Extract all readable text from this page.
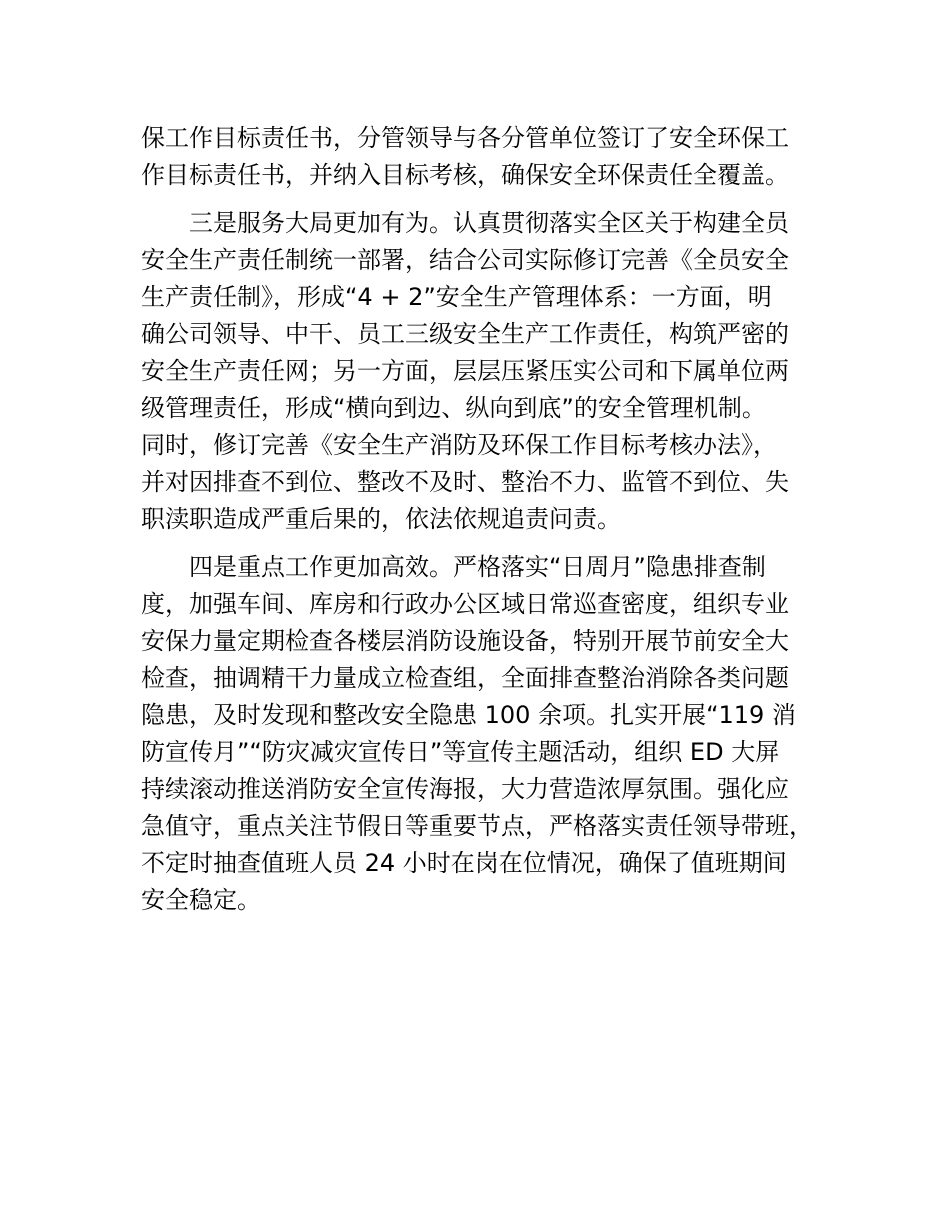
保工作目标责任书，分管领导与各分管单位签订了安全环保工
作目标责任书，并纳入目标考核，确保安全环保责任全覆盖。
三是服务大局更加有为。认真贯彻落实全区关于构建全员
安全生产责任制统一部署，结合公司实际修订完善《全员安全
生产责任制》，形成“4 + 2”安全生产管理体系：一方面，明
确公司领导、中干、员工三级安全生产工作责任，构筑严密的
安全生产责任网；另一方面，层层压紧压实公司和下属单位两
级管理责任，形成“横向到边、纵向到底”的安全管理机制。
同时，修订完善《安全生产消防及环保工作目标考核办法》，
并对因排查不到位、整改不及时、整治不力、监管不到位、失
职渎职造成严重后果的，依法依规追责问责。
四是重点工作更加高效。严格落实“日周月”隐患排查制
度，加强车间、库房和行政办公区域日常巡查密度，组织专业
安保力量定期检查各楼层消防设施设备，特别开展节前安全大
检查，抽调精干力量成立检查组，全面排查整治消除各类问题
隐患，及时发现和整改安全隐患 100 余项。扎实开展“119 消
防宣传月”“防灾减灾宣传日”等宣传主题活动，组织 ED 大屏
持续滚动推送消防安全宣传海报，大力营造浓厚氛围。强化应
急值守，重点关注节假日等重要节点，严格落实责任领导带班，
不定时抽查值班人员 24 小时在岗在位情况，确保了值班期间
安全稳定。
